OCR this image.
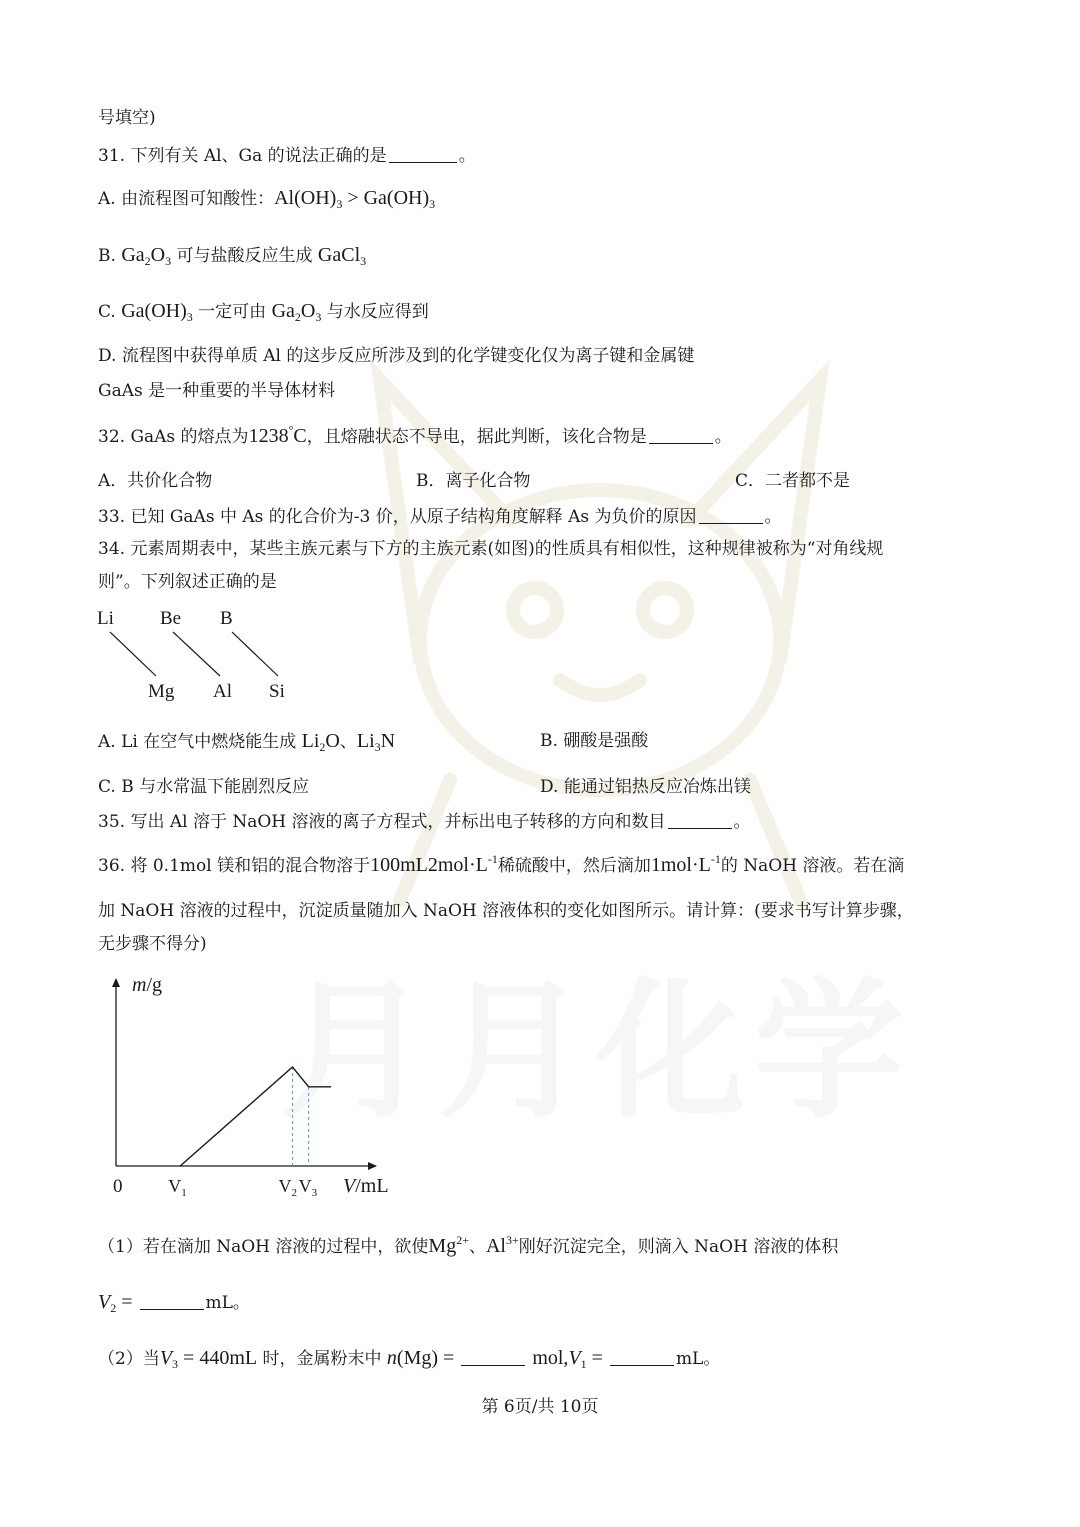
月月化学
号填空)
31. 下列有关 Al、Ga 的说法正确的是	。
A. 由流程图可知酸性：$Al(OH)_3 > Ga(OH)_3$
B. $Ga_2O_3$ 可与盐酸反应生成 GaCl$_3$
C. $Ga(OH)_3$ 一定可由 $Ga_2O_3$ 与水反应得到
D. 流程图中获得单质 Al 的这步反应所涉及到的化学键变化仅为离子键和金属键
GaAs 是一种重要的半导体材料
32. GaAs 的熔点为1238°C，且熔融状态不导电，据此判断，该化合物是	。
A．共价化合物	B．离子化合物	C．二者都不是
33. 已知 GaAs 中 As 的化合价为-3 价，从原子结构角度解释 As 为负价的原因	。
34. 元素周期表中，某些主族元素与下方的主族元素(如图)的性质具有相似性，这种规律被称为“对角线规
则”。下列叙述正确的是
Li Be B
Mg Al Si
A. Li 在空气中燃烧能生成 $Li_2O$、$Li_3N$	B. 硼酸是强酸
C. B 与水常温下能剧烈反应	D. 能通过铝热反应冶炼出镁
35. 写出 Al 溶于 NaOH 溶液的离子方程式，并标出电子转移的方向和数目	。
36. 将 0.1mol 镁和铝的混合物溶于$100mL2mol\cdot L^{-1}$稀硫酸中，然后滴加$1mol\cdot L^{-1}$的 NaOH 溶液。若在滴
加 NaOH 溶液的过程中，沉淀质量随加入 NaOH 溶液体积的变化如图所示。请计算：(要求书写计算步骤，
无步骤不得分)
$V_1$	$V_2$ $V_3$
0
m/g
V/mL
（1）若在滴加 NaOH 溶液的过程中，欲使$Mg^{2+}$、$Al^{3+}$刚好沉淀完全，则滴入 NaOH 溶液的体积
$V_2$ =	mL。
（2）当$V_3 = 440mL$ 时，金属粉末中 n(Mg) =	$mol,V_1$ =	mL。
第 6页/共 10页
